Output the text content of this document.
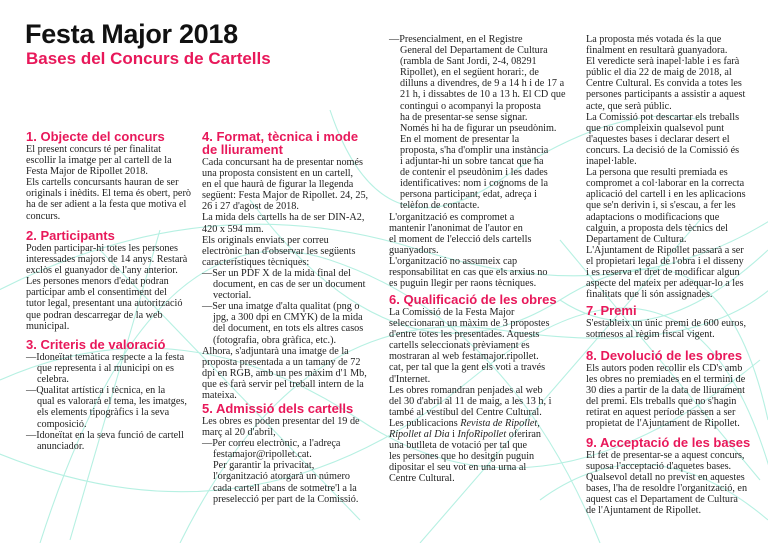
Festa Major 2018
Bases del Concurs de Cartells
1. Objecte del concurs
El present concurs té per finalitat
escollir la imatge per al cartell de la
Festa Major de Ripollet 2018.
Els cartells concursants hauran de ser
originals i inèdits. El tema és obert, però
ha de ser adient a la festa que motiva el
concurs.
2. Participants
Poden participar-hi totes les persones
interessades majors de 14 anys. Restarà
exclòs el guanyador de l'any anterior.
Les persones menors d'edat podran
participar amb el consentiment del
tutor legal, presentant una autorització
que podran descarregar de la web
municipal.
3. Criteris de valoració
—Idoneïtat temàtica respecte a la festa
que representa i al municipi on es
celebra.
—Qualitat artística i tècnica, en la
qual es valorarà el tema, les imatges,
els elements tipogràfics i la seva
composició.
—Idoneïtat en la seva funció de cartell
anunciador.
4. Format, tècnica i mode
de lliurament
Cada concursant ha de presentar només
una proposta consistent en un cartell,
en el que haurà de figurar la llegenda
següent: Festa Major de Ripollet. 24, 25,
26 i 27 d'agost de 2018.
La mida dels cartells ha de ser DIN-A2,
420 x 594 mm.
Els originals enviats per correu
electrònic han d'observar les següents
característiques tècniques:
—Ser un PDF X de la mida final del
document, en cas de ser un document
vectorial.
—Ser una imatge d'alta qualitat (png o
jpg, a 300 dpi en CMYK) de la mida
del document, en tots els altres casos
(fotografia, obra gràfica, etc.).
Alhora, s'adjuntarà una imatge de la
proposta presentada a un tamany de 72
dpi en RGB, amb un pes màxim d'1 Mb,
que es farà servir pel treball intern de la
mateixa.
5. Admissió dels cartells
Les obres es poden presentar del 19 de
març al 20 d'abril,
—Per correu electrònic, a l'adreça
festamajor@ripollet.cat.
Per garantir la privacitat,
l'organització atorgarà un número
cada cartell abans de sotmetre'l a la
preselecció per part de la Comissió.
—Presencialment, en el Registre
General del Departament de Cultura
(rambla de Sant Jordi, 2-4, 08291
Ripollet), en el següent horari:, de
dilluns a divendres, de 9 a 14 h i de 17 a
21 h, i dissabtes de 10 a 13 h. El CD que
contingui o acompanyi la proposta
ha de presentar-se sense signar.
Només hi ha de figurar un pseudònim.
En el moment de presentar la
proposta, s'ha d'omplir una instància
i adjuntar-hi un sobre tancat que ha
de contenir el pseudònim i les dades
identificatives: nom i cognoms de la
persona participant, edat, adreça i
telèfon de contacte.
L'organització es compromet a
mantenir l'anonimat de l'autor en
el moment de l'elecció dels cartells
guanyadors.
L'organització no assumeix cap
responsabilitat en cas que els arxius no
es puguin llegir per raons tècniques.
6. Qualificació de les obres
La Comissió de la Festa Major
seleccionaran un màxim de 3 propostes
d'entre totes les presentades. Aquests
cartells seleccionats prèviament es
mostraran al web festamajor.ripollet.
cat, per tal que la gent els voti a través
d'Internet.
Les obres romandran penjades al web
del 30 d'abril al 11 de maig, a les 13 h, i
també al vestíbul del Centre Cultural.
Les publicacions Revista de Ripollet,
Ripollet al Dia i InfoRipollet oferiran
una butlleta de votació per tal que
les persones que ho desitgin puguin
dipositar el seu vot en una urna al
Centre Cultural.
La proposta més votada és la que
finalment en resultarà guanyadora.
El veredicte serà inapel·lable i es farà
públic el dia 22 de maig de 2018, al
Centre Cultural. Es convida a totes les
persones participants a assistir a aquest
acte, que serà públic.
La Comissió pot descartar els treballs
que no compleixin qualsevol punt
d'aquestes bases i declarar desert el
concurs. La decisió de la Comissió és
inapel·lable.
La persona que resulti premiada es
compromet a col·laborar en la correcta
aplicació del cartell i en les aplicacions
que se'n derivin i, si s'escau, a fer les
adaptacions o modificacions que
calguin, a proposta dels tècnics del
Departament de Cultura.
L'Ajuntament de Ripollet passarà a ser
el propietari legal de l'obra i el disseny
i es reserva el dret de modificar algun
aspecte del mateix per adequar-lo a les
finalitats que li són assignades.
7. Premi
S'estableix un únic premi de 600 euros,
sotmesos al règim fiscal vigent.
8. Devolució de les obres
Els autors poden recollir els CD's amb
les obres no premiades en el termini de
30 dies a partir de la data de lliurament
del premi. Els treballs que no s'hagin
retirat en aquest període passen a ser
propietat de l'Ajuntament de Ripollet.
9. Acceptació de les bases
El fet de presentar-se a aquest concurs,
suposa l'acceptació d'aquetes bases.
Qualsevol detall no previst en aquestes
bases, l'ha de resoldre l'organització, en
aquest cas el Departament de Cultura
de l'Ajuntament de Ripollet.
